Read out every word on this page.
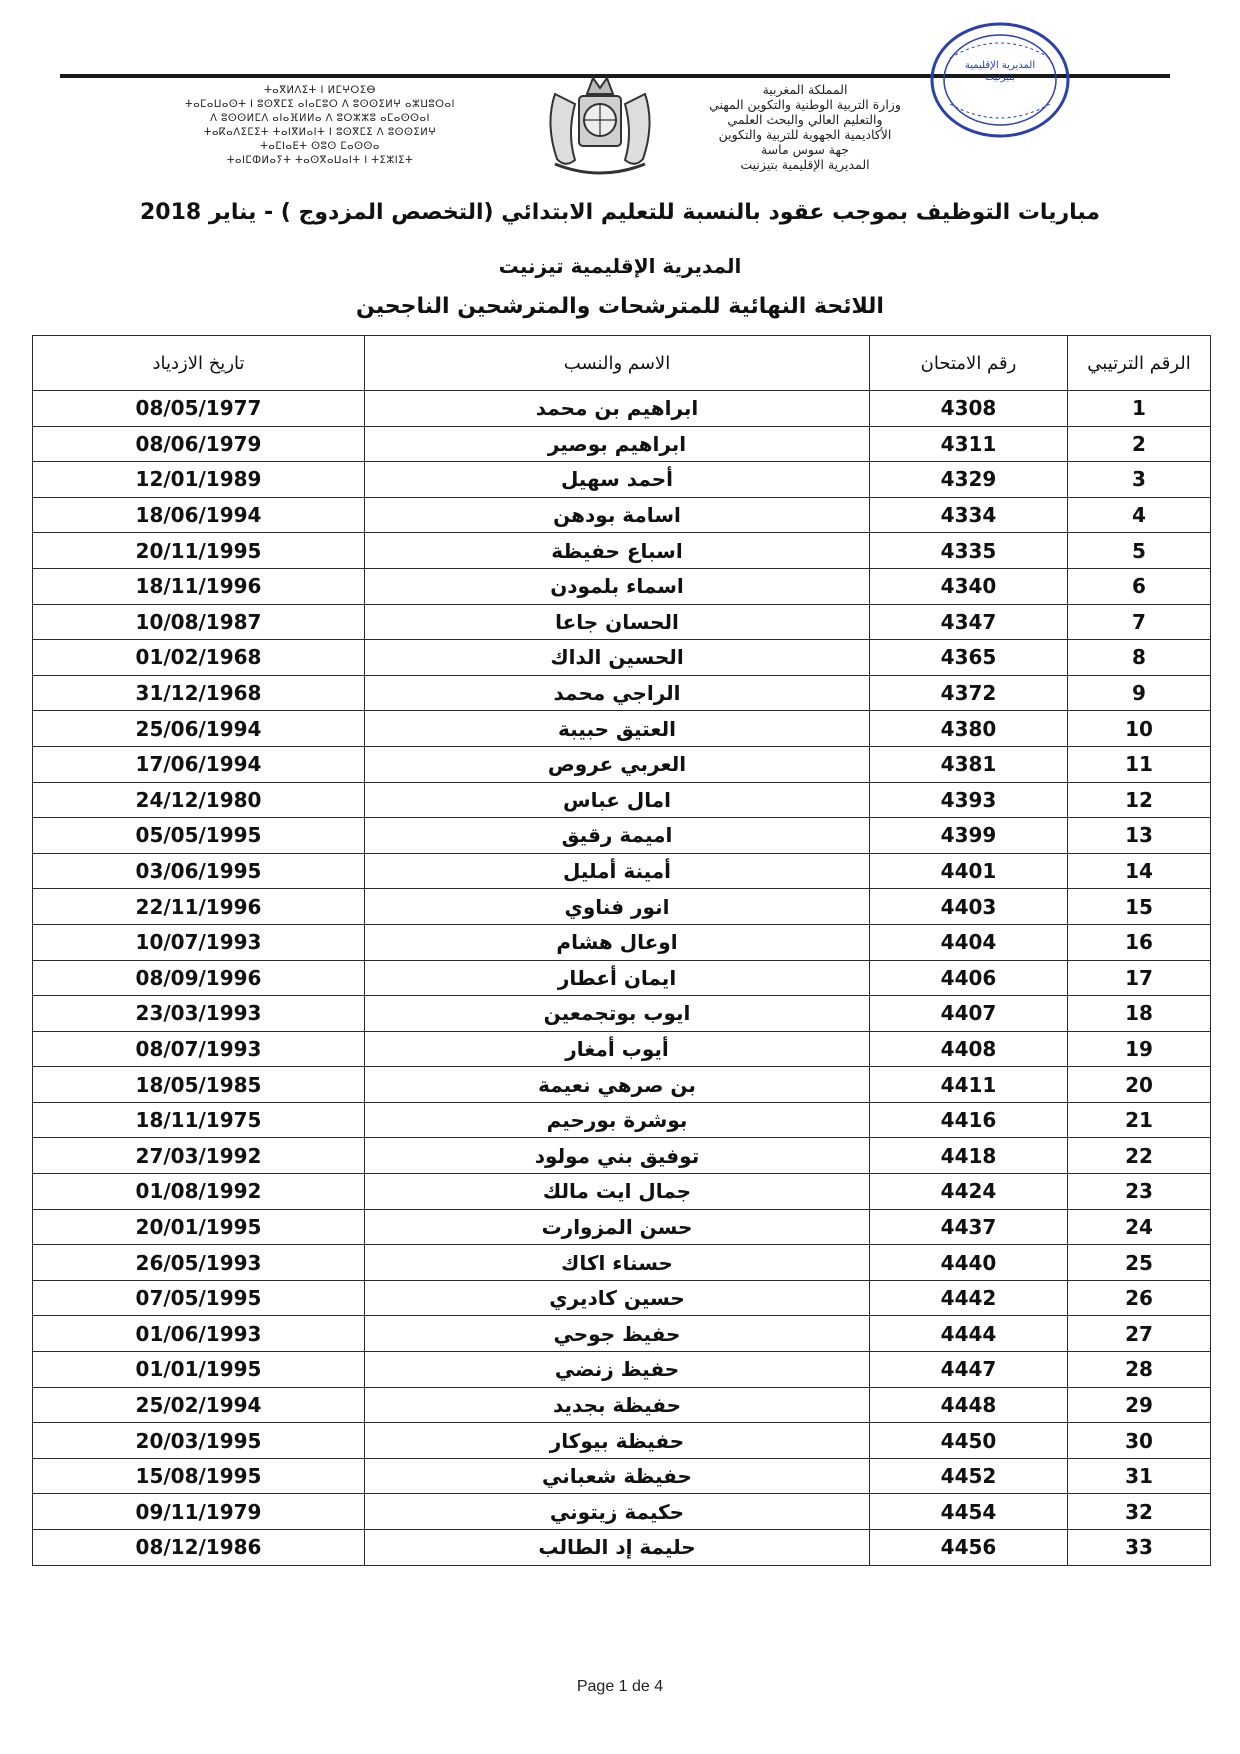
ⵜⴰⴳⵍⴷⵉⵜ ⵏ ⵍⵎⵖⵔⵉⴱ
ⵜⴰⵎⴰⵡⴰⵙⵜ ⵏ ⵓⵙⴳⵎⵉ ⴰⵏⴰⵎⵓⵔ ⴷ ⵓⵙⵙⵉⵍⵖ ⴰⵣⵡⵓⵔⴰⵏ
ⴷ ⵓⵙⵙⵍⵎⴷ ⴰⵏⴰⴼⵍⵍⴰ ⴷ ⵓⵔⵣⵣⵓ ⴰⵎⴰⵙⵙⴰⵏ
ⵜⴰⴽⴰⴷⵉⵎⵉⵜ ⵜⴰⵏⴳⵍⴰⵏⵜ ⵏ ⵓⵙⴳⵎⵉ ⴷ ⵓⵙⵙⵉⵍⵖ
ⵜⴰⵎⵏⴰⴹⵜ ⵙⵓⵙ ⵎⴰⵙⵙⴰ
ⵜⴰⵏⵎⵀⵍⴰⵢⵜ ⵜⴰⵙⴳⴰⵡⴰⵏⵜ ⵏ ⵜⵉⵣⵏⵉⵜ
المملكة المغربية
وزارة التربية الوطنية والتكوين المهني
والتعليم العالي والبحث العلمي
الأكاديمية الجهوية للتربية والتكوين
جهة سوس ماسة
المديرية الإقليمية بتيزنيت
المديرية الإقليمية بتيزنيت
مباريات التوظيف بموجب عقود بالنسبة للتعليم الابتدائي (التخصص المزدوج ) - يناير 2018
المديرية الإقليمية تيزنيت
اللائحة النهائية للمترشحات والمترشحين الناجحين
الرقم الترتيبي	رقم الامتحان	الاسم والنسب	تاريخ الازدياد
1	4308	ابراهيم بن محمد	08/05/1977
2	4311	ابراهيم بوصير	08/06/1979
3	4329	أحمد سهيل	12/01/1989
4	4334	اسامة بودهن	18/06/1994
5	4335	اسباع حفيظة	20/11/1995
6	4340	اسماء بلمودن	18/11/1996
7	4347	الحسان جاعا	10/08/1987
8	4365	الحسين الداك	01/02/1968
9	4372	الراجي محمد	31/12/1968
10	4380	العتيق حبيبة	25/06/1994
11	4381	العربي عروص	17/06/1994
12	4393	امال عباس	24/12/1980
13	4399	اميمة رقيق	05/05/1995
14	4401	أمينة أمليل	03/06/1995
15	4403	انور فناوي	22/11/1996
16	4404	اوعال هشام	10/07/1993
17	4406	ايمان أعطار	08/09/1996
18	4407	ايوب بوتجمعين	23/03/1993
19	4408	أيوب أمغار	08/07/1993
20	4411	بن صرهي نعيمة	18/05/1985
21	4416	بوشرة بورحيم	18/11/1975
22	4418	توفيق بني مولود	27/03/1992
23	4424	جمال ايت مالك	01/08/1992
24	4437	حسن المزوارت	20/01/1995
25	4440	حسناء اكاك	26/05/1993
26	4442	حسين كاديري	07/05/1995
27	4444	حفيظ جوحي	01/06/1993
28	4447	حفيظ زنضي	01/01/1995
29	4448	حفيظة بجديد	25/02/1994
30	4450	حفيظة بيوكار	20/03/1995
31	4452	حفيظة شعباني	15/08/1995
32	4454	حكيمة زيتوني	09/11/1979
33	4456	حليمة إد الطالب	08/12/1986
Page 1 de 4
